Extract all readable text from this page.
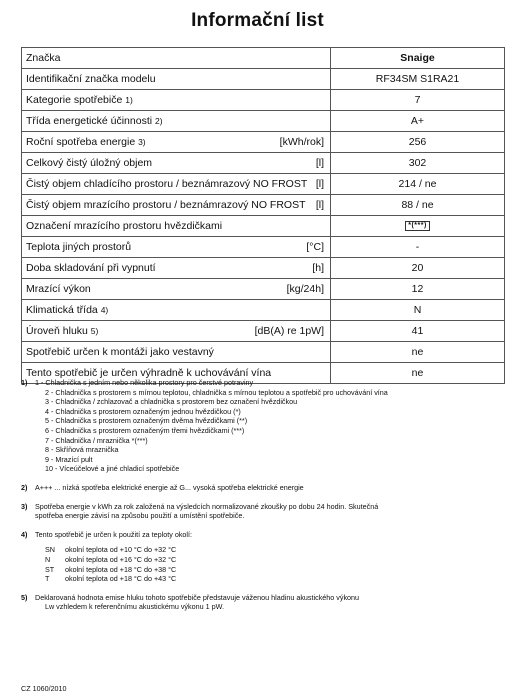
Informační list
Značka	Snaige
Identifikační značka modelu	RF34SM S1RA21
Kategorie spotřebiče 1)	7
Třída energetické účinnosti 2)	A+
Roční spotřeba energie 3) [kWh/rok]	256
Celkový čistý úložný objem [l]	302
Čistý objem chladícího prostoru / beznámrazový NO FROST [l]	214 / ne
Čistý objem mrazícího prostoru / beznámrazový NO FROST [l]	88 / ne
Označení mrazícího prostoru hvězdičkami	*(***)
Teplota jiných prostorů [°C]	-
Doba skladování při vypnutí [h]	20
Mrazící výkon [kg/24h]	12
Klimatická třída 4)	N
Úroveň hluku 5) [dB(A) re 1pW]	41
Spotřebič určen k montáži jako vestavný	ne
Tento spotřebič je určen výhradně k uchovávání vína	ne
1) 1 - Chladnička s jedním nebo několika prostory pro čerstvé potraviny
2 - Chladnička s prostorem s mírnou teplotou, chladnička s mírnou teplotou a spotřebič pro uchovávání vína
3 - Chladnička / zchlazovač a chladnička s prostorem bez označení hvězdičkou
4 - Chladnička s prostorem označeným jednou hvězdičkou (*)
5 - Chladnička s prostorem označeným dvěma hvězdičkami (**)
6 - Chladnička s prostorem označeným třemi hvězdičkami (***)
7 - Chladnička / mraznička *(***)
8 - Skříňová mraznička
9 - Mrazící pult
10 - Víceúčelové a jiné chladicí spotřebiče
2) A+++ ... nízká spotřeba elektrické energie až G... vysoká spotřeba elektrické energie
3) Spotřeba energie v kWh za rok založená na výsledcích normalizované zkoušky po dobu 24 hodin. Skutečná
spotřeba energie závisí na způsobu použití a umístění spotřebiče.
4) Tento spotřebič je určen k použití za teploty okolí:
SN okolní teplota od +10 °C do +32 °C
N okolní teplota od +16 °C do +32 °C
ST okolní teplota od +18 °C do +38 °C
T okolní teplota od +18 °C do +43 °C
5) Deklarovaná hodnota emise hluku tohoto spotřebiče představuje váženou hladinu akustického výkonu
Lw vzhledem k referenčnímu akustickému výkonu 1 pW.
CZ 1060/2010
